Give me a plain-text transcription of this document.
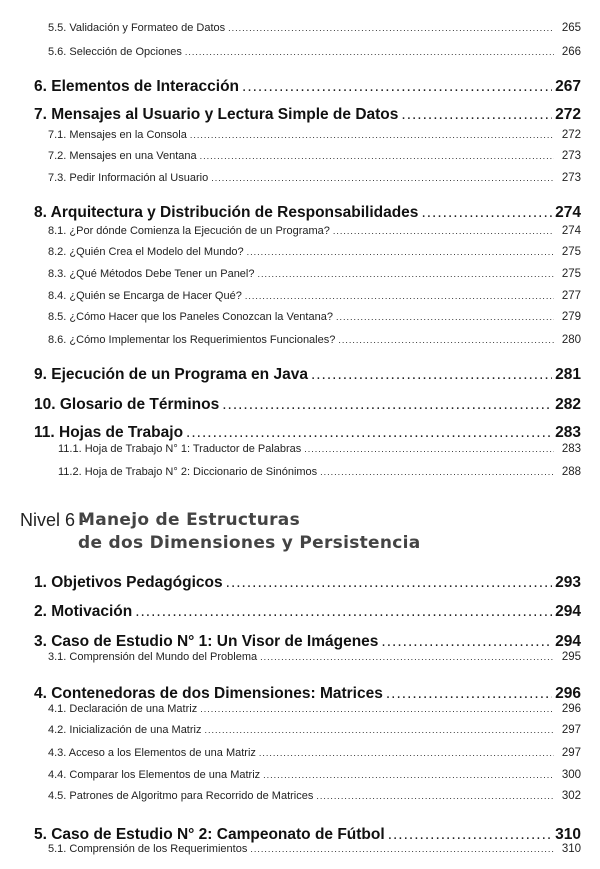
5.5. Validación y Formateo de Datos .....	265
5.6. Selección de Opciones .....	266
6. Elementos de Interacción .....	267
7. Mensajes al Usuario y Lectura Simple de Datos .....	272
7.1. Mensajes en la Consola .....	272
7.2. Mensajes en una Ventana .....	273
7.3. Pedir Información al Usuario .....	273
8. Arquitectura y Distribución de Responsabilidades .....	274
8.1. ¿Por dónde Comienza la Ejecución de un Programa? .....	274
8.2. ¿Quién Crea el Modelo del Mundo? .....	275
8.3. ¿Qué Métodos Debe Tener un Panel? .....	275
8.4. ¿Quién se Encarga de Hacer Qué? .....	277
8.5. ¿Cómo Hacer que los Paneles Conozcan la Ventana? .....	279
8.6. ¿Cómo Implementar los Requerimientos Funcionales? .....	280
9. Ejecución de un Programa en Java .....	281
10. Glosario de Términos .....	282
11. Hojas de Trabajo .....	283
11.1. Hoja de Trabajo N° 1: Traductor de Palabras .....	283
11.2. Hoja de Trabajo N° 2: Diccionario de Sinónimos .....	288
Nivel 6 -
Manejo de Estructuras
de dos Dimensiones y Persistencia
1. Objetivos Pedagógicos .....	293
2. Motivación .....	294
3. Caso de Estudio N° 1: Un Visor de Imágenes .....	294
3.1. Comprensión del Mundo del Problema .....	295
4. Contenedoras de dos Dimensiones: Matrices .....	296
4.1. Declaración de una Matriz .....	296
4.2. Inicialización de una Matriz .....	297
4.3. Acceso a los Elementos de una Matriz .....	297
4.4. Comparar los Elementos de una Matriz .....	300
4.5. Patrones de Algoritmo para Recorrido de Matrices .....	302
5. Caso de Estudio N° 2: Campeonato de Fútbol .....	310
5.1. Comprensión de los Requerimientos .....	310
